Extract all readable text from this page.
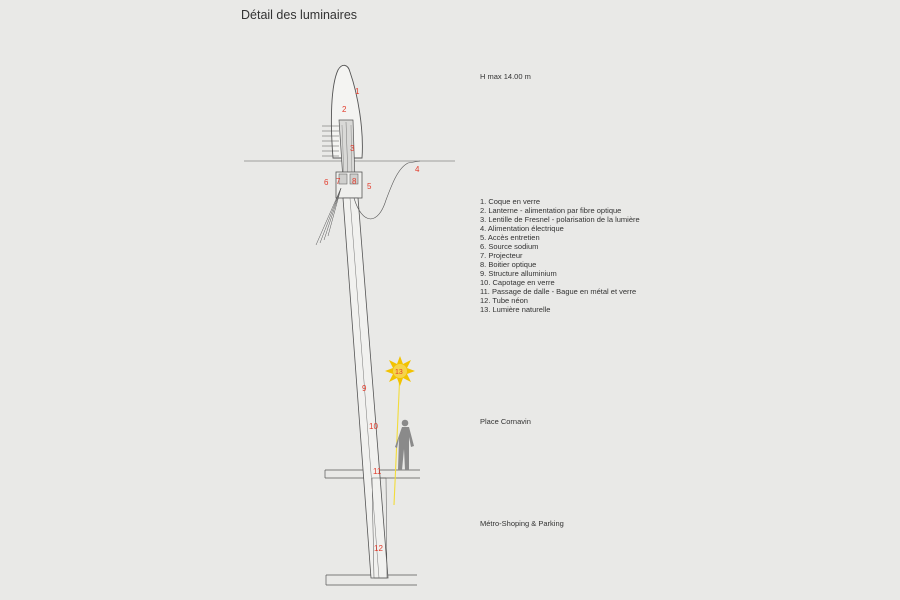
Détail des luminaires
H max 14.00 m
Place Cornavin
Métro-Shoping & Parking
1. Coque en verre
2. Lanterne - alimentation par fibre optique
3. Lentille de Fresnel - polarisation de la lumière
4. Alimentation électrique
5. Accès entretien
6. Source sodium
7. Projecteur
8. Boitier optique
9. Structure alluminium
10. Capotage en verre
11. Passage de dalle - Bague en métal et verre
12. Tube néon
13. Lumière naturelle
1
2
3
4
5
6 7 8
9
10
11
12
13
